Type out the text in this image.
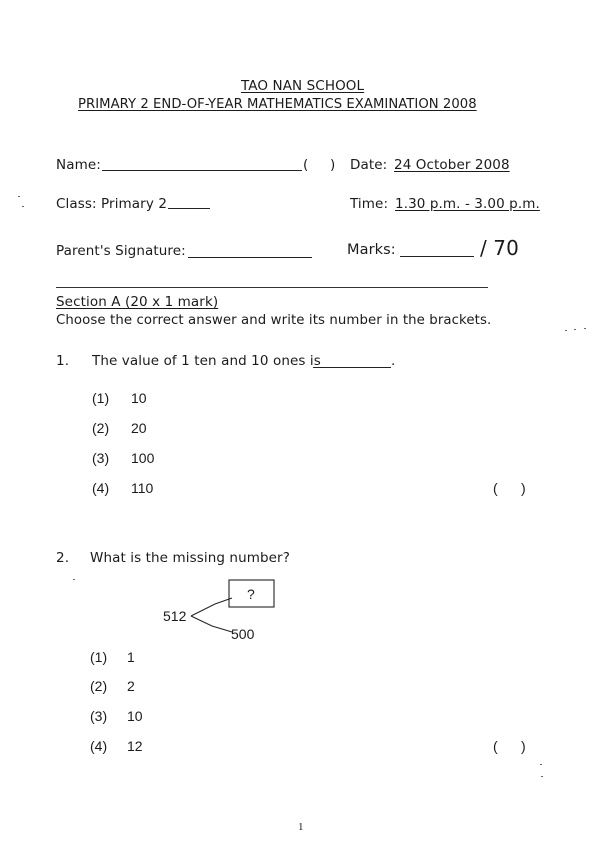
TAO NAN SCHOOL
PRIMARY 2 END-OF-YEAR MATHEMATICS EXAMINATION 2008
Name:	( ) Date: 24 October 2008
Class: Primary 2	Time: 1.30 p.m. - 3.00 p.m.
Parent's Signature:	Marks:	/ 70
Section A (20 x 1 mark)
Choose the correct answer and write its number in the brackets.
1. The value of 1 ten and 10 ones is	.
(1) 10
(2) 20
(3) 100
(4) 110	(      )
2. What is the missing number?
?
512
500
(1) 1
(2) 2
(3) 10
(4) 12	(      )
1
